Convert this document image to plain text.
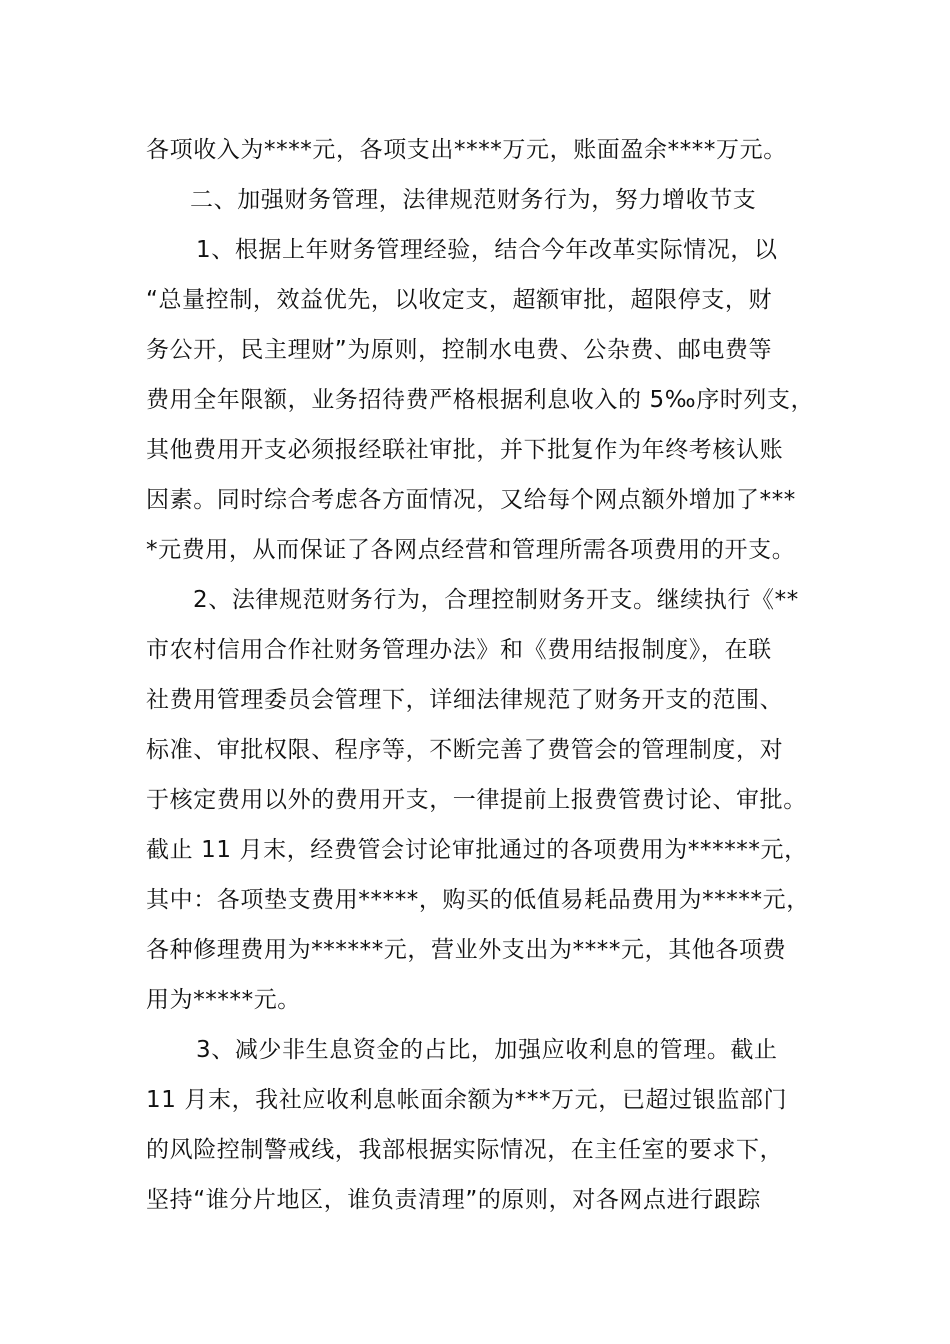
各项收入为****元，各项支出****万元，账面盈余****万元。
二、加强财务管理，法律规范财务行为，努力增收节支
1、根据上年财务管理经验，结合今年改革实际情况，以
“总量控制，效益优先，以收定支，超额审批，超限停支，财
务公开，民主理财”为原则，控制水电费、公杂费、邮电费等
费用全年限额，业务招待费严格根据利息收入的 5‰序时列支，
其他费用开支必须报经联社审批，并下批复作为年终考核认账
因素。同时综合考虑各方面情况，又给每个网点额外增加了***
*元费用，从而保证了各网点经营和管理所需各项费用的开支。
2、法律规范财务行为，合理控制财务开支。继续执行《**
市农村信用合作社财务管理办法》和《费用结报制度》，在联
社费用管理委员会管理下，详细法律规范了财务开支的范围、
标准、审批权限、程序等，不断完善了费管会的管理制度，对
于核定费用以外的费用开支，一律提前上报费管费讨论、审批。
截止 11 月末，经费管会讨论审批通过的各项费用为******元，
其中：各项垫支费用*****，购买的低值易耗品费用为*****元，
各种修理费用为******元，营业外支出为****元，其他各项费
用为*****元。
3、减少非生息资金的占比，加强应收利息的管理。截止
11 月末，我社应收利息帐面余额为***万元，已超过银监部门
的风险控制警戒线，我部根据实际情况，在主任室的要求下，
坚持“谁分片地区，谁负责清理”的原则，对各网点进行跟踪
